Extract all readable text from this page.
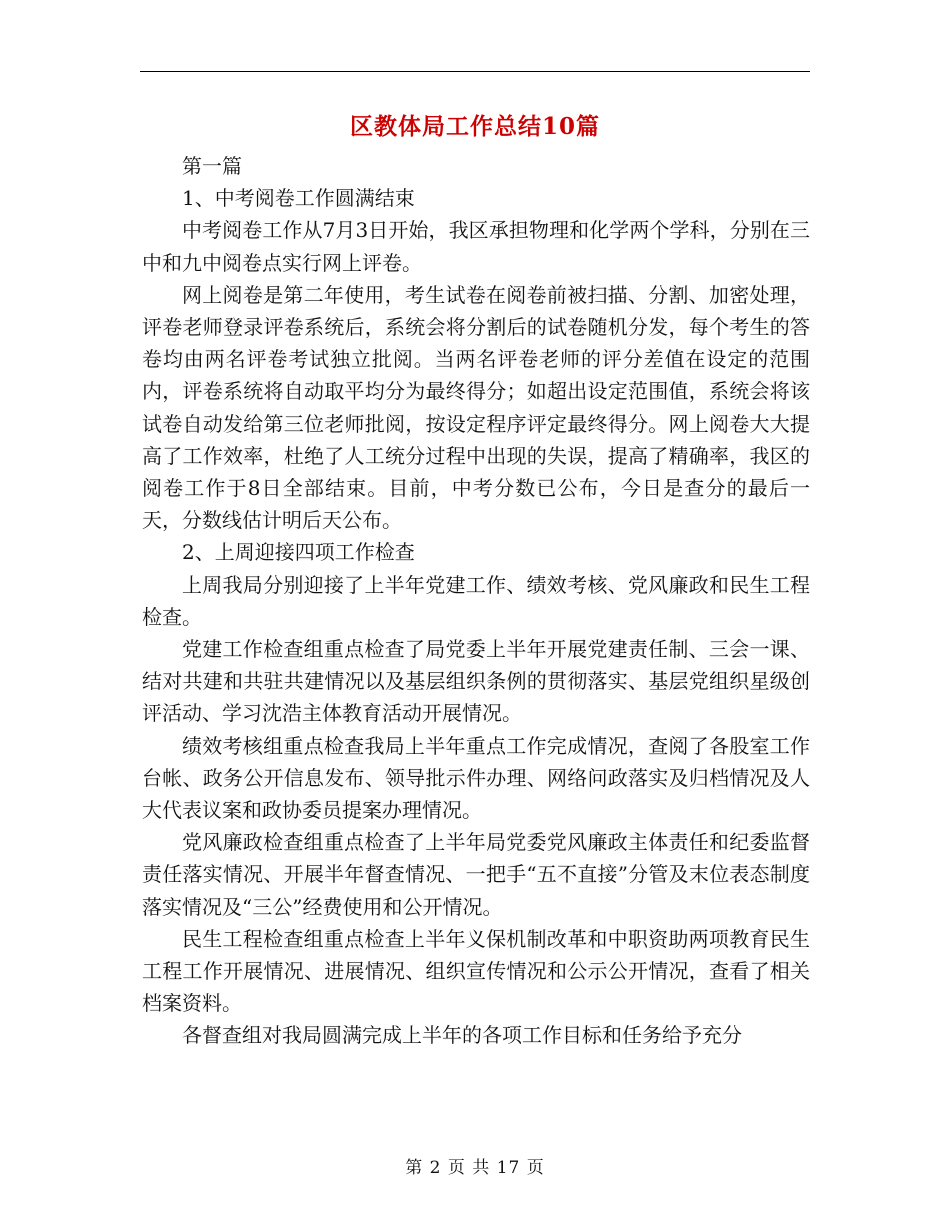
区教体局工作总结10篇

第一篇

1、中考阅卷工作圆满结束

中考阅卷工作从7月3日开始，我区承担物理和化学两个学科，分别在三中和九中阅卷点实行网上评卷。

网上阅卷是第二年使用，考生试卷在阅卷前被扫描、分割、加密处理，评卷老师登录评卷系统后，系统会将分割后的试卷随机分发，每个考生的答卷均由两名评卷考试独立批阅。当两名评卷老师的评分差值在设定的范围内，评卷系统将自动取平均分为最终得分；如超出设定范围值，系统会将该试卷自动发给第三位老师批阅，按设定程序评定最终得分。网上阅卷大大提高了工作效率，杜绝了人工统分过程中出现的失误，提高了精确率，我区的阅卷工作于8日全部结束。目前，中考分数已公布，今日是查分的最后一天，分数线估计明后天公布。

2、上周迎接四项工作检查

上周我局分别迎接了上半年党建工作、绩效考核、党风廉政和民生工程检查。

党建工作检查组重点检查了局党委上半年开展党建责任制、三会一课、结对共建和共驻共建情况以及基层组织条例的贯彻落实、基层党组织星级创评活动、学习沈浩主体教育活动开展情况。

绩效考核组重点检查我局上半年重点工作完成情况，查阅了各股室工作台帐、政务公开信息发布、领导批示件办理、网络问政落实及归档情况及人大代表议案和政协委员提案办理情况。

党风廉政检查组重点检查了上半年局党委党风廉政主体责任和纪委监督责任落实情况、开展半年督查情况、一把手“五不直接”分管及末位表态制度落实情况及“三公”经费使用和公开情况。

民生工程检查组重点检查上半年义保机制改革和中职资助两项教育民生工程工作开展情况、进展情况、组织宣传情况和公示公开情况，查看了相关档案资料。

各督查组对我局圆满完成上半年的各项工作目标和任务给予充分

第 2 页 共 17 页
